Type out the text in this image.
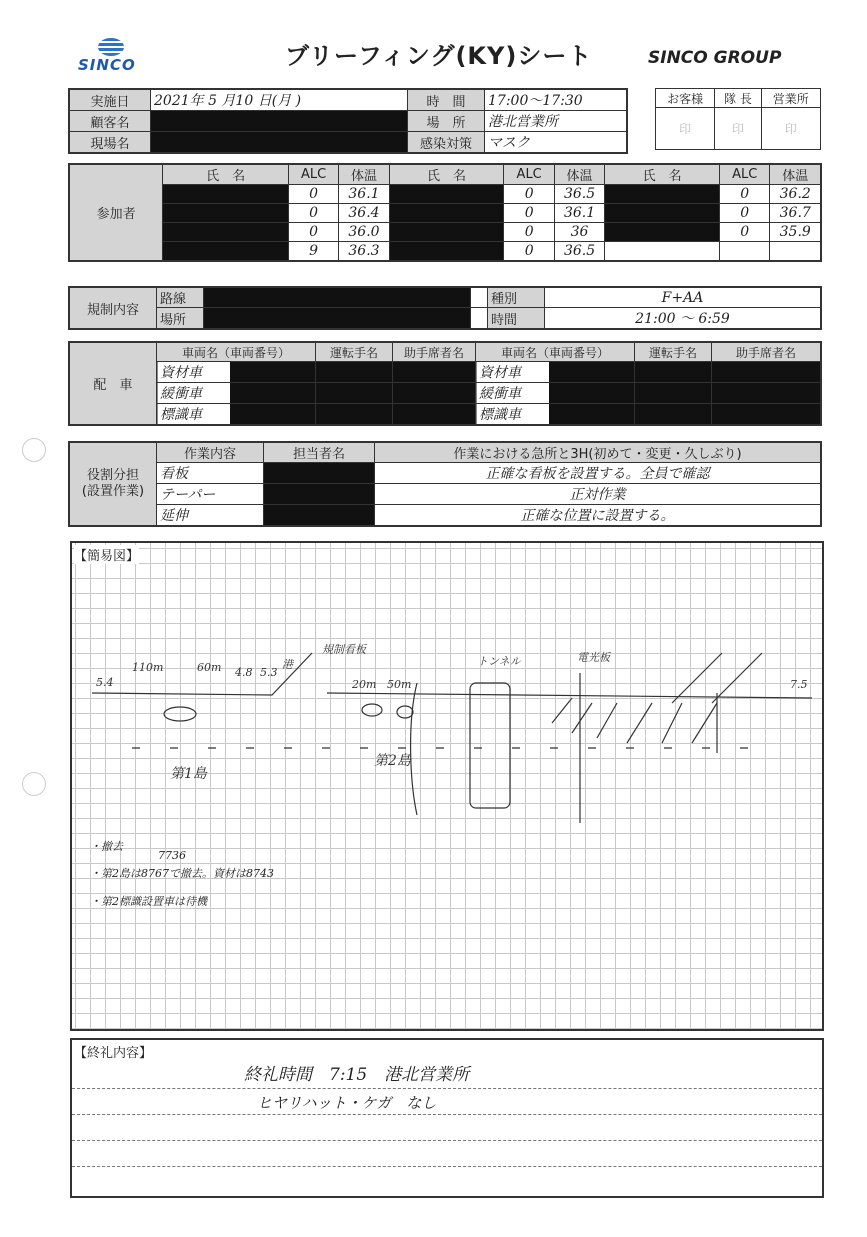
SINCO	ブリーフィング(KY)シート	SINCO GROUP
実施日	2021年 5 月10 日(月 )	時　間	17:00〜17:30
顧客名		場　所	港北営業所
現場名		感染対策	マスク
お客様	隊 長	営業所
印	印	印
参加者	氏　名	ALC	体温	氏　名	ALC	体温	氏　名	ALC	体温
		0	36.1		0	36.5		0	36.2
		0	36.4		0	36.1		0	36.7
		0	36.0		0	36		0	35.9
		9	36.3		0	36.5			
規制内容	路線			種別	F+AA
	場所			時間	21:00 〜 6:59
配　車	車両名（車両番号）	運転手名	助手席者名	車両名（車両番号）	運転手名	助手席者名
	資材車			資材車		
	緩衝車			緩衝車		
	標識車			標識車		
役割分担
(設置作業)	作業内容	担当者名	作業における急所と3H(初めて・変更・久しぶり)
	看板		正確な看板を設置する。全員で確認
	テーパー		正対作業
	延伸		正確な位置に設置する。
【簡易図】
110m	60m 4.8 5.3
港
規制看板
20m 50m
トンネル	電光板
7.5
5.4
第1島
第2島
・撤去
7736
・第2島は8767で撤去。資材は8743
・第2標識設置車は待機
【終礼内容】
終礼時間　7:15　港北営業所
ヒヤリハット・ケガ　なし
